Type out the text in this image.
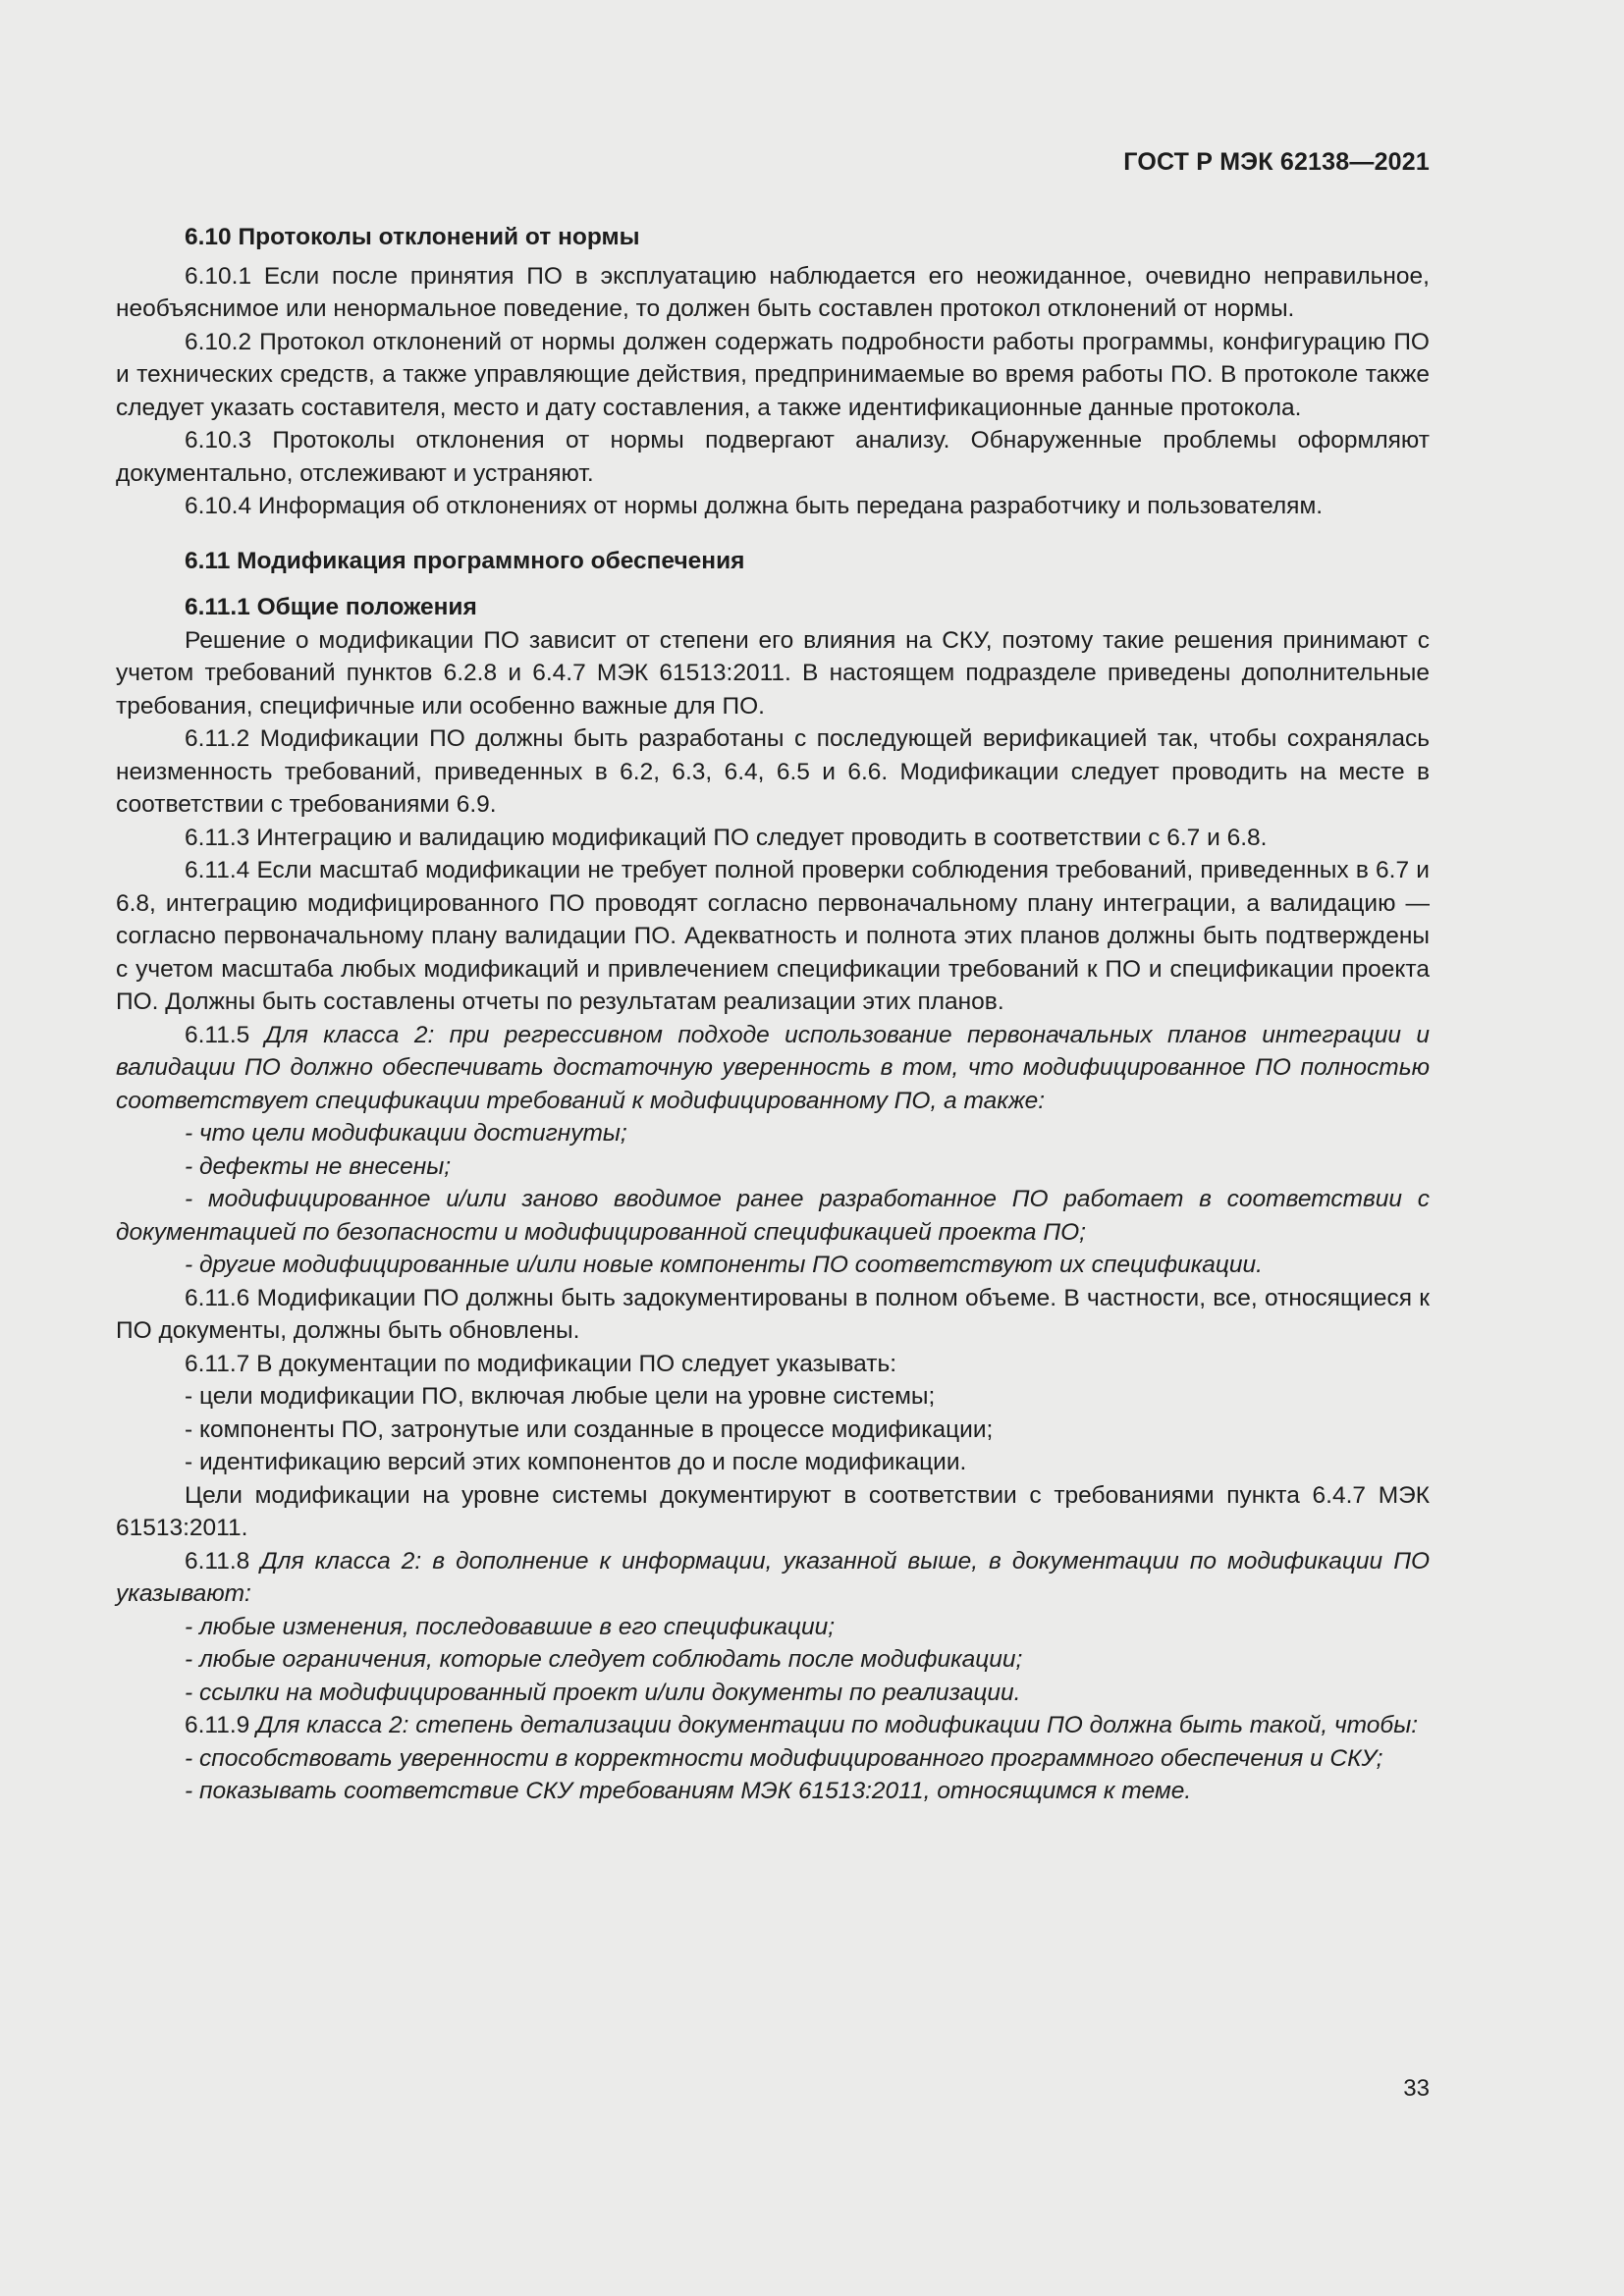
ГОСТ Р МЭК 62138—2021
6.10 Протоколы отклонений от нормы
6.10.1 Если после принятия ПО в эксплуатацию наблюдается его неожиданное, очевидно неправильное, необъяснимое или ненормальное поведение, то должен быть составлен протокол отклонений от нормы.
6.10.2 Протокол отклонений от нормы должен содержать подробности работы программы, конфигурацию ПО и технических средств, а также управляющие действия, предпринимаемые во время работы ПО. В протоколе также следует указать составителя, место и дату составления, а также идентификационные данные протокола.
6.10.3 Протоколы отклонения от нормы подвергают анализу. Обнаруженные проблемы оформляют документально, отслеживают и устраняют.
6.10.4 Информация об отклонениях от нормы должна быть передана разработчику и пользователям.
6.11 Модификация программного обеспечения
6.11.1 Общие положения
Решение о модификации ПО зависит от степени его влияния на СКУ, поэтому такие решения принимают с учетом требований пунктов 6.2.8 и 6.4.7 МЭК 61513:2011. В настоящем подразделе приведены дополнительные требования, специфичные или особенно важные для ПО.
6.11.2 Модификации ПО должны быть разработаны с последующей верификацией так, чтобы сохранялась неизменность требований, приведенных в 6.2, 6.3, 6.4, 6.5 и 6.6. Модификации следует проводить на месте в соответствии с требованиями 6.9.
6.11.3 Интеграцию и валидацию модификаций ПО следует проводить в соответствии с 6.7 и 6.8.
6.11.4 Если масштаб модификации не требует полной проверки соблюдения требований, приведенных в 6.7 и 6.8, интеграцию модифицированного ПО проводят согласно первоначальному плану интеграции, а валидацию — согласно первоначальному плану валидации ПО. Адекватность и полнота этих планов должны быть подтверждены с учетом масштаба любых модификаций и привлечением спецификации требований к ПО и спецификации проекта ПО. Должны быть составлены отчеты по результатам реализации этих планов.
6.11.5 Для класса 2: при регрессивном подходе использование первоначальных планов интеграции и валидации ПО должно обеспечивать достаточную уверенность в том, что модифицированное ПО полностью соответствует спецификации требований к модифицированному ПО, а также:
- что цели модификации достигнуты;
- дефекты не внесены;
- модифицированное и/или заново вводимое ранее разработанное ПО работает в соответствии с документацией по безопасности и модифицированной спецификацией проекта ПО;
- другие модифицированные и/или новые компоненты ПО соответствуют их спецификации.
6.11.6 Модификации ПО должны быть задокументированы в полном объеме. В частности, все, относящиеся к ПО документы, должны быть обновлены.
6.11.7 В документации по модификации ПО следует указывать:
- цели модификации ПО, включая любые цели на уровне системы;
- компоненты ПО, затронутые или созданные в процессе модификации;
- идентификацию версий этих компонентов до и после модификации.
Цели модификации на уровне системы документируют в соответствии с требованиями пункта 6.4.7 МЭК 61513:2011.
6.11.8 Для класса 2: в дополнение к информации, указанной выше, в документации по модификации ПО указывают:
- любые изменения, последовавшие в его спецификации;
- любые ограничения, которые следует соблюдать после модификации;
- ссылки на модифицированный проект и/или документы по реализации.
6.11.9 Для класса 2: степень детализации документации по модификации ПО должна быть такой, чтобы:
- способствовать уверенности в корректности модифицированного программного обеспечения и СКУ;
- показывать соответствие СКУ требованиям МЭК 61513:2011, относящимся к теме.
33
